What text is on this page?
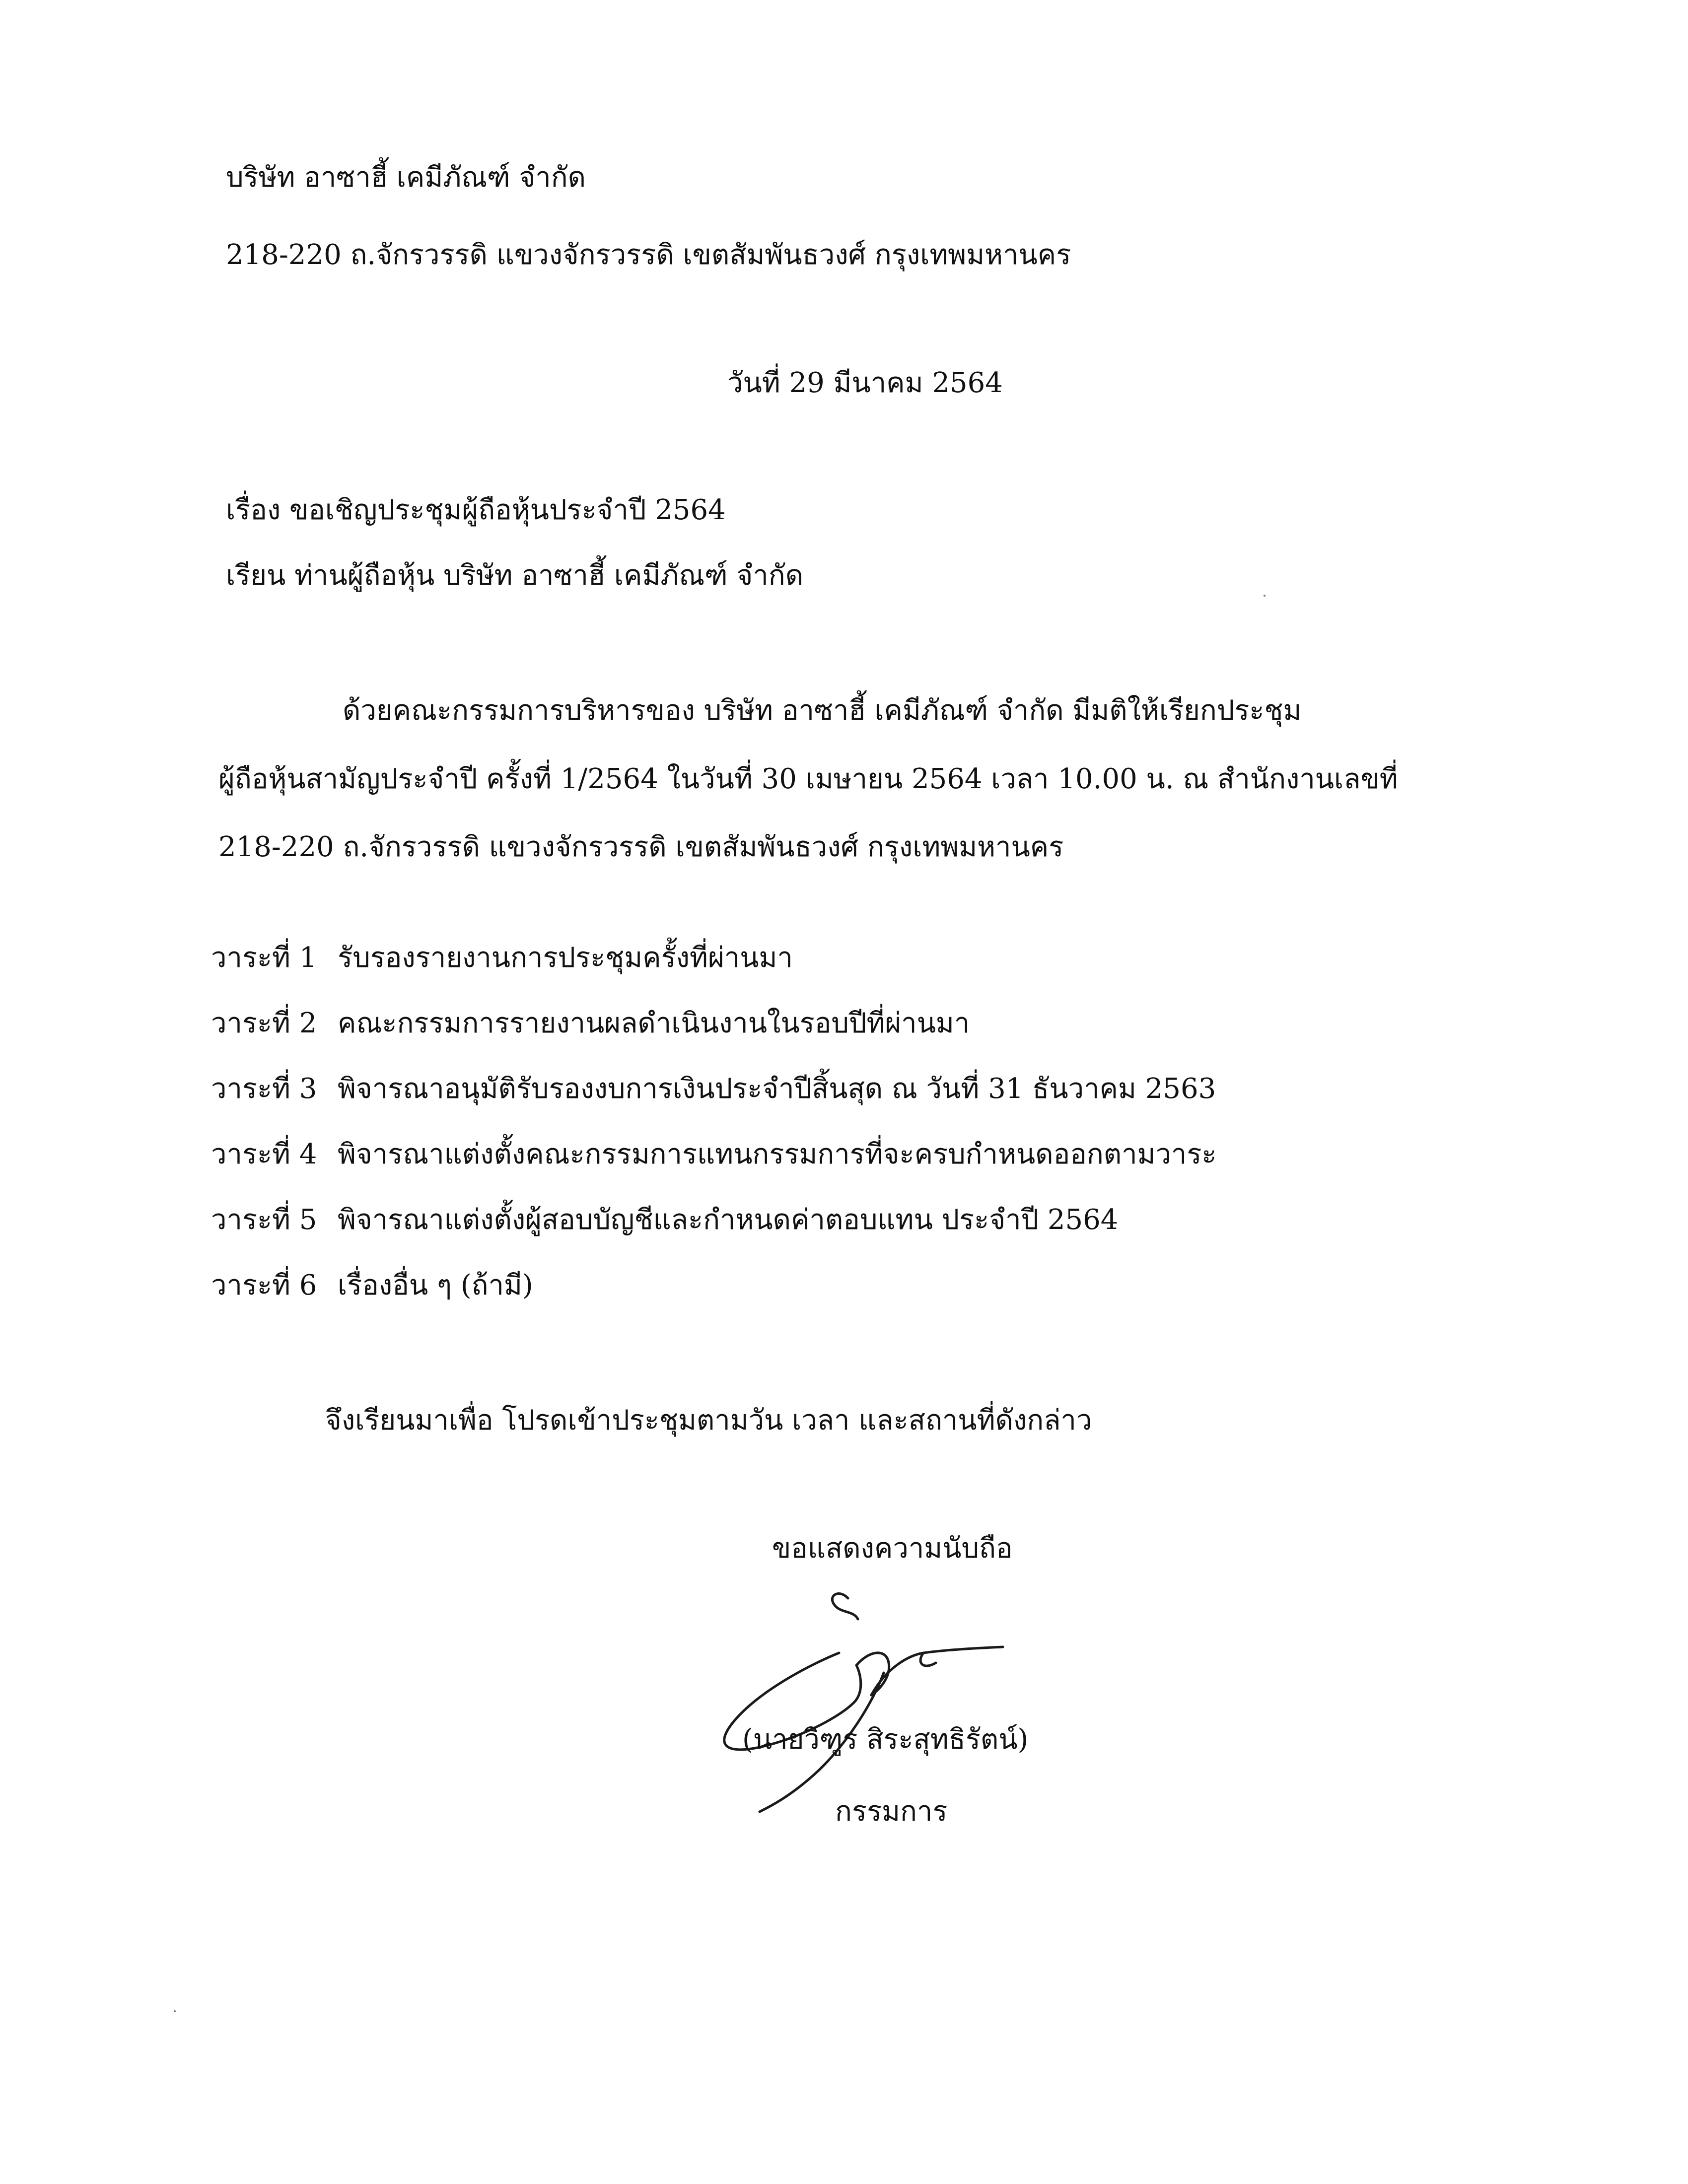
บริษัท อาซาฮี้ เคมีภัณฑ์ จำกัด
218-220 ถ.จักรวรรดิ แขวงจักรวรรดิ เขตสัมพันธวงศ์ กรุงเทพมหานคร
วันที่ 29 มีนาคม 2564
เรื่อง ขอเชิญประชุมผู้ถือหุ้นประจำปี 2564
เรียน ท่านผู้ถือหุ้น บริษัท อาซาฮี้ เคมีภัณฑ์ จำกัด
ด้วยคณะกรรมการบริหารของ บริษัท อาซาฮี้ เคมีภัณฑ์ จำกัด มีมติให้เรียกประชุม
ผู้ถือหุ้นสามัญประจำปี ครั้งที่ 1/2564 ในวันที่ 30 เมษายน 2564 เวลา 10.00 น. ณ สำนักงานเลขที่
218-220 ถ.จักรวรรดิ แขวงจักรวรรดิ เขตสัมพันธวงศ์ กรุงเทพมหานคร
วาระที่ 1 รับรองรายงานการประชุมครั้งที่ผ่านมา
วาระที่ 2 คณะกรรมการรายงานผลดำเนินงานในรอบปีที่ผ่านมา
วาระที่ 3 พิจารณาอนุมัติรับรองงบการเงินประจำปีสิ้นสุด ณ วันที่ 31 ธันวาคม 2563
วาระที่ 4 พิจารณาแต่งตั้งคณะกรรมการแทนกรรมการที่จะครบกำหนดออกตามวาระ
วาระที่ 5 พิจารณาแต่งตั้งผู้สอบบัญชีและกำหนดค่าตอบแทน ประจำปี 2564
วาระที่ 6 เรื่องอื่น ๆ (ถ้ามี)
จึงเรียนมาเพื่อ โปรดเข้าประชุมตามวัน เวลา และสถานที่ดังกล่าว
ขอแสดงความนับถือ
(นายวิฑูร สิระสุทธิรัตน์)
กรรมการ
